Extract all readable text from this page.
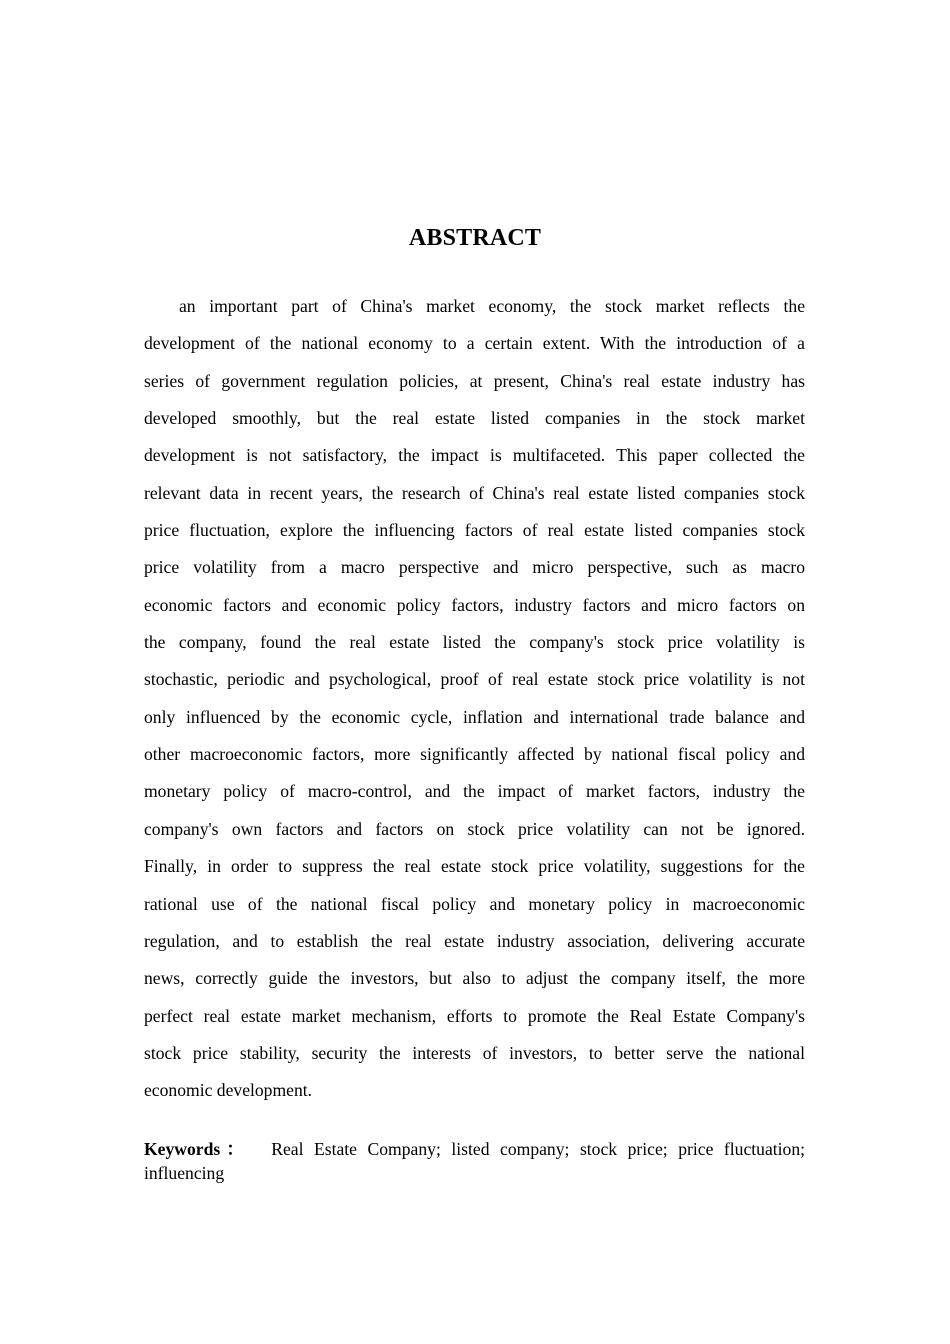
ABSTRACT
an important part of China's market economy, the stock market reflects the
development of the national economy to a certain extent. With the introduction of a
series of government regulation policies, at present, China's real estate industry has
developed smoothly, but the real estate listed companies in the stock market
development is not satisfactory, the impact is multifaceted. This paper collected the
relevant data in recent years, the research of China's real estate listed companies stock
price fluctuation, explore the influencing factors of real estate listed companies stock
price volatility from a macro perspective and micro perspective, such as macro
economic factors and economic policy factors, industry factors and micro factors on
the company, found the real estate listed the company's stock price volatility is
stochastic, periodic and psychological, proof of real estate stock price volatility is not
only influenced by the economic cycle, inflation and international trade balance and
other macroeconomic factors, more significantly affected by national fiscal policy and
monetary policy of macro-control, and the impact of market factors, industry the
company's own factors and factors on stock price volatility can not be ignored.
Finally, in order to suppress the real estate stock price volatility, suggestions for the
rational use of the national fiscal policy and monetary policy in macroeconomic
regulation, and to establish the real estate industry association, delivering accurate
news, correctly guide the investors, but also to adjust the company itself, the more
perfect real estate market mechanism, efforts to promote the Real Estate Company's
stock price stability, security the interests of investors, to better serve the national
economic development.
Keywords： Real Estate Company; listed company; stock price; price fluctuation;
influencing
